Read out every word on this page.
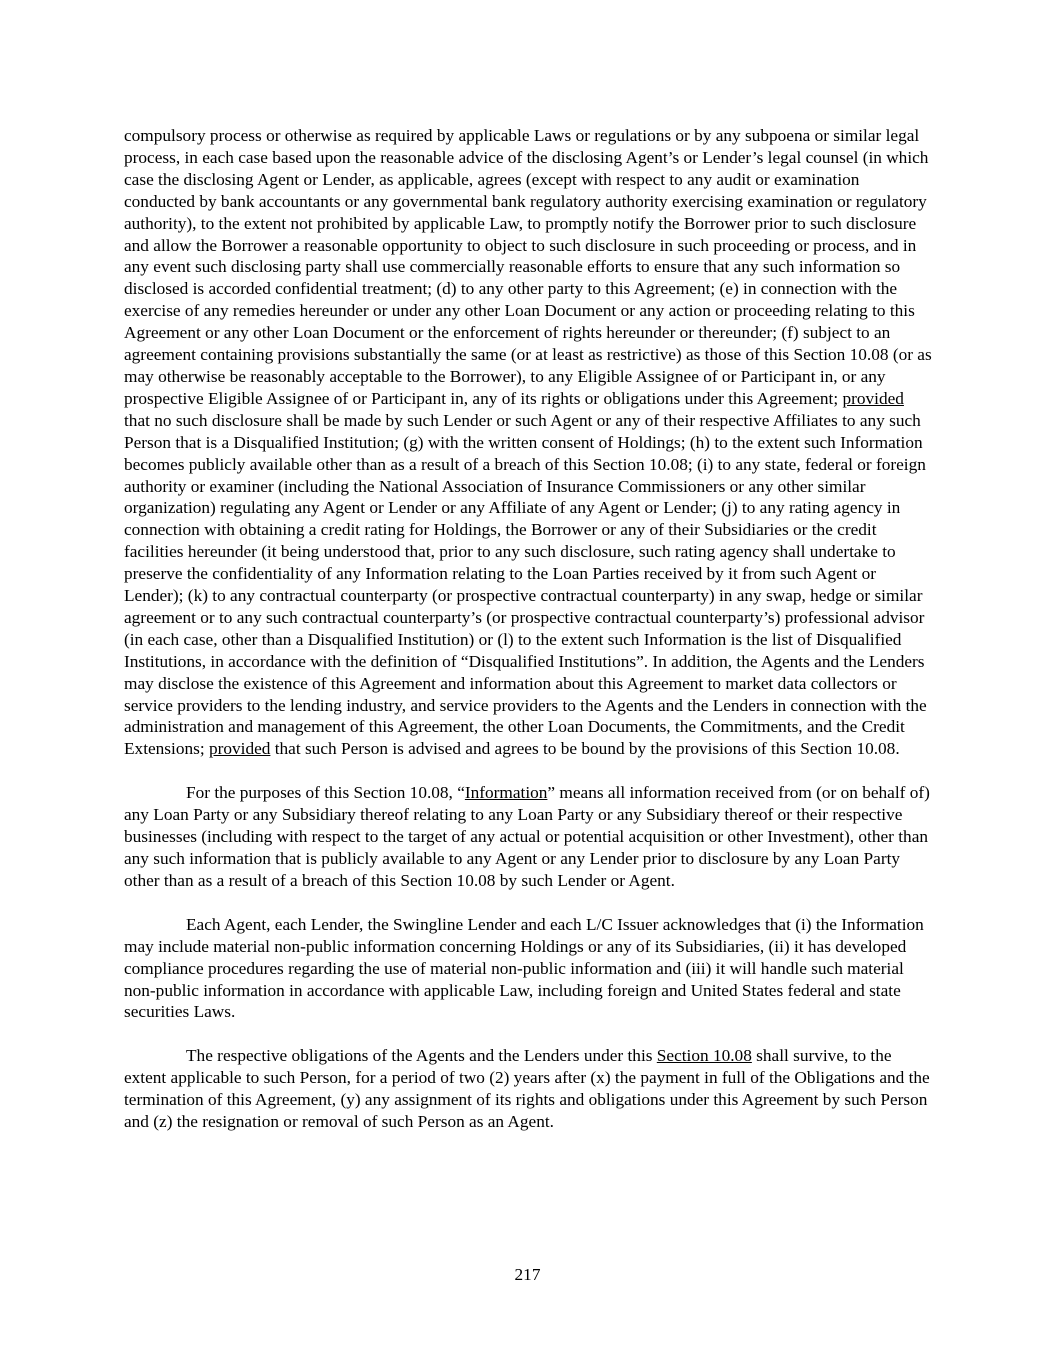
compulsory process or otherwise as required by applicable Laws or regulations or by any subpoena or similar legal process, in each case based upon the reasonable advice of the disclosing Agent’s or Lender’s legal counsel (in which case the disclosing Agent or Lender, as applicable, agrees (except with respect to any audit or examination conducted by bank accountants or any governmental bank regulatory authority exercising examination or regulatory authority), to the extent not prohibited by applicable Law, to promptly notify the Borrower prior to such disclosure and allow the Borrower a reasonable opportunity to object to such disclosure in such proceeding or process, and in any event such disclosing party shall use commercially reasonable efforts to ensure that any such information so disclosed is accorded confidential treatment; (d) to any other party to this Agreement; (e) in connection with the exercise of any remedies hereunder or under any other Loan Document or any action or proceeding relating to this Agreement or any other Loan Document or the enforcement of rights hereunder or thereunder; (f) subject to an agreement containing provisions substantially the same (or at least as restrictive) as those of this Section 10.08 (or as may otherwise be reasonably acceptable to the Borrower), to any Eligible Assignee of or Participant in, or any prospective Eligible Assignee of or Participant in, any of its rights or obligations under this Agreement; provided that no such disclosure shall be made by such Lender or such Agent or any of their respective Affiliates to any such Person that is a Disqualified Institution; (g) with the written consent of Holdings; (h) to the extent such Information becomes publicly available other than as a result of a breach of this Section 10.08; (i) to any state, federal or foreign authority or examiner (including the National Association of Insurance Commissioners or any other similar organization) regulating any Agent or Lender or any Affiliate of any Agent or Lender; (j) to any rating agency in connection with obtaining a credit rating for Holdings, the Borrower or any of their Subsidiaries or the credit facilities hereunder (it being understood that, prior to any such disclosure, such rating agency shall undertake to preserve the confidentiality of any Information relating to the Loan Parties received by it from such Agent or Lender); (k) to any contractual counterparty (or prospective contractual counterparty) in any swap, hedge or similar agreement or to any such contractual counterparty’s (or prospective contractual counterparty’s) professional advisor (in each case, other than a Disqualified Institution) or (l) to the extent such Information is the list of Disqualified Institutions, in accordance with the definition of “Disqualified Institutions”. In addition, the Agents and the Lenders may disclose the existence of this Agreement and information about this Agreement to market data collectors or service providers to the lending industry, and service providers to the Agents and the Lenders in connection with the administration and management of this Agreement, the other Loan Documents, the Commitments, and the Credit Extensions; provided that such Person is advised and agrees to be bound by the provisions of this Section 10.08.

For the purposes of this Section 10.08, “Information” means all information received from (or on behalf of) any Loan Party or any Subsidiary thereof relating to any Loan Party or any Subsidiary thereof or their respective businesses (including with respect to the target of any actual or potential acquisition or other Investment), other than any such information that is publicly available to any Agent or any Lender prior to disclosure by any Loan Party other than as a result of a breach of this Section 10.08 by such Lender or Agent.

Each Agent, each Lender, the Swingline Lender and each L/C Issuer acknowledges that (i) the Information may include material non-public information concerning Holdings or any of its Subsidiaries, (ii) it has developed compliance procedures regarding the use of material non-public information and (iii) it will handle such material non-public information in accordance with applicable Law, including foreign and United States federal and state securities Laws.

The respective obligations of the Agents and the Lenders under this Section 10.08 shall survive, to the extent applicable to such Person, for a period of two (2) years after (x) the payment in full of the Obligations and the termination of this Agreement, (y) any assignment of its rights and obligations under this Agreement by such Person and (z) the resignation or removal of such Person as an Agent.

217
